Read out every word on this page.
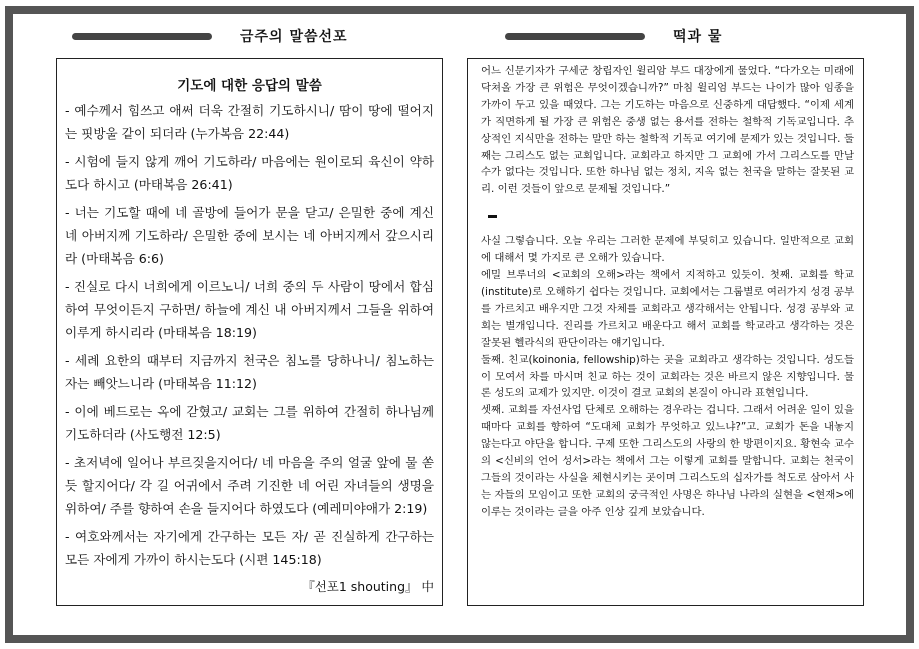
금주의 말씀선포	떡과 물
기도에 대한 응답의 말씀
- 예수께서 힘쓰고 애써 더욱 간절히 기도하시니/ 땀이 땅에 떨어지는 핏방울 같이 되더라 (누가복음 22:44)
- 시험에 들지 않게 깨어 기도하라/ 마음에는 원이로되 육신이 약하도다 하시고 (마태복음 26:41)
- 너는 기도할 때에 네 골방에 들어가 문을 닫고/ 은밀한 중에 계신 네 아버지께 기도하라/ 은밀한 중에 보시는 네 아버지께서 갚으시리라 (마태복음 6:6)
- 진실로 다시 너희에게 이르노니/ 너희 중의 두 사람이 땅에서 합심하여 무엇이든지 구하면/ 하늘에 계신 내 아버지께서 그들을 위하여 이루게 하시리라 (마태복음 18:19)
- 세례 요한의 때부터 지금까지 천국은 침노를 당하나니/ 침노하는 자는 빼앗느니라 (마태복음 11:12)
- 이에 베드로는 옥에 갇혔고/ 교회는 그를 위하여 간절히 하나님께 기도하더라 (사도행전 12:5)
- 초저녁에 일어나 부르짖을지어다/ 네 마음을 주의 얼굴 앞에 물 쏟듯 할지어다/ 각 길 어귀에서 주려 기진한 네 어린 자녀들의 생명을 위하여/ 주를 향하여 손을 들지어다 하였도다 (예레미야애가 2:19)
- 여호와께서는 자기에게 간구하는 모든 자/ 곧 진실하게 간구하는 모든 자에게 가까이 하시는도다 (시편 145:18)
『선포1 shouting』 中
어느 신문기자가 구세군 창립자인 윌리암 부드 대장에게 물었다. “다가오는 미래에 닥쳐올 가장 큰 위험은 무엇이겠습니까?” 마침 윌리엄 부드는 나이가 많아 임종을 가까이 두고 있을 때였다. 그는 기도하는 마음으로 신중하게 대답했다. “이제 세계가 직면하게 될 가장 큰 위험은 중생 없는 용서를 전하는 철학적 기독교입니다. 추상적인 지식만을 전하는 말만 하는 철학적 기독교 여기에 문제가 있는 것입니다. 둘째는 그리스도 없는 교회입니다. 교회라고 하지만 그 교회에 가서 그리스도를 만날 수가 없다는 것입니다. 또한 하나님 없는 정치, 지옥 없는 천국을 말하는 잘못된 교리. 이런 것들이 앞으로 문제될 것입니다.”
사실 그렇습니다. 오늘 우리는 그러한 문제에 부딪히고 있습니다. 일반적으로 교회에 대해서 몇 가지로 큰 오해가 있습니다.
에밀 브루너의 <교회의 오해>라는 책에서 지적하고 있듯이. 첫째. 교회를 학교(institute)로 오해하기 쉽다는 것입니다. 교회에서는 그룹별로 여러가지 성경 공부를 가르치고 배우지만 그것 자체를 교회라고 생각해서는 안됩니다. 성경 공부와 교회는 별개입니다. 진리를 가르치고 배운다고 해서 교회를 학교라고 생각하는 것은 잘못된 헬라식의 판단이라는 얘기입니다.
둘째. 친교(koinonia, fellowship)하는 곳을 교회라고 생각하는 것입니다. 성도들이 모여서 차를 마시며 친교 하는 것이 교회라는 것은 바르지 않은 지향입니다. 물론 성도의 교제가 있지만. 이것이 결코 교회의 본질이 아니라 표현입니다.
셋째. 교회를 자선사업 단체로 오해하는 경우라는 겁니다. 그래서 어려운 일이 있을 때마다 교회를 향하여 “도대체 교회가 무엇하고 있느냐?”고. 교회가 돈을 내놓지 않는다고 야단을 합니다. 구제 또한 그리스도의 사랑의 한 방편이지요. 황현숙 교수의 <신비의 언어 성서>라는 책에서 그는 이렇게 교회를 말합니다. 교회는 천국이 그들의 것이라는 사실을 체현시키는 곳이며 그리스도의 십자가를 척도로 삼아서 사는 자들의 모임이고 또한 교회의 궁극적인 사명은 하나님 나라의 실현을 <현재>에 이루는 것이라는 글을 아주 인상 깊게 보았습니다.
